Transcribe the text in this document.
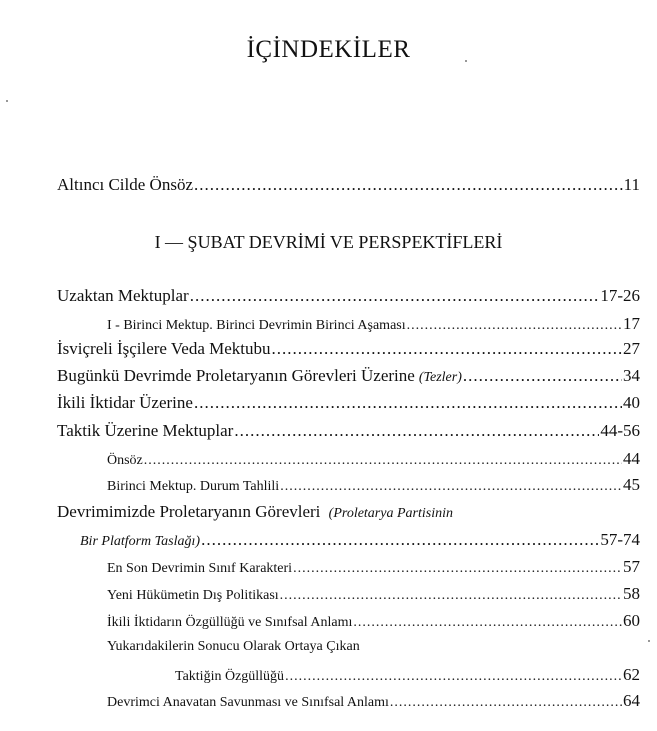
İÇİNDEKİLER
Altıncı Cilde Önsöz .....	11
I — ŞUBAT DEVRİMİ VE PERSPEKTİFLERİ
Uzaktan Mektuplar .....	17-26
I - Birinci Mektup. Birinci Devrimin Birinci Aşaması .....	17
İsviçreli İşçilere Veda Mektubu .....	27
Bugünkü Devrimde Proletaryanın Görevleri Üzerine (Tezler) .....	34
İkili İktidar Üzerine .....	40
Taktik Üzerine Mektuplar .....	44-56
Önsöz .....	44
Birinci Mektup. Durum Tahlili .....	45
Devrimimizde Proletaryanın Görevleri (Proletarya Partisinin
Bir Platform Taslağı) .....	57-74
En Son Devrimin Sınıf Karakteri .....	57
Yeni Hükümetin Dış Politikası .....	58
İkili İktidarın Özgüllüğü ve Sınıfsal Anlamı .....	60
Yukarıdakilerin Sonucu Olarak Ortaya Çıkan
Taktiğin Özgüllüğü .....	62
Devrimci Anavatan Savunması ve Sınıfsal Anlamı .....	64
